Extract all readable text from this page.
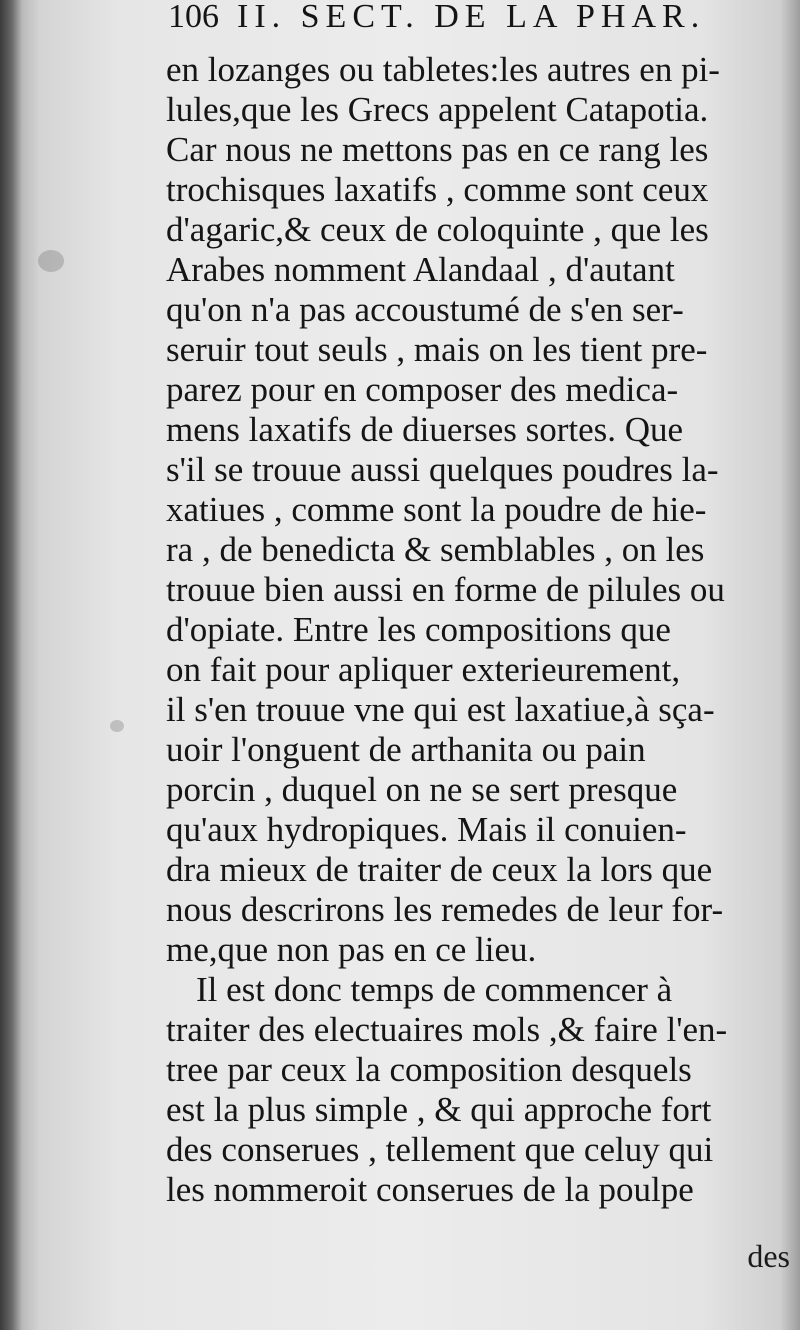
106 II. SECT. DE LA PHAR.
en lozanges ou tabletes:les autres en pi-
lules,que les Grecs appelent Catapotia.
Car nous ne mettons pas en ce rang les
trochisques laxatifs , comme sont ceux
d'agaric,& ceux de coloquinte , que les
Arabes nomment Alandaal , d'autant
qu'on n'a pas accoustumé de s'en ser-
seruir tout seuls , mais on les tient pre-
parez pour en composer des medica-
mens laxatifs de diuerses sortes. Que
s'il se trouue aussi quelques poudres la-
xatiues , comme sont la poudre de hie-
ra , de benedicta & semblables , on les
trouue bien aussi en forme de pilules ou
d'opiate. Entre les compositions que
on fait pour apliquer exterieurement,
il s'en trouue vne qui est laxatiue,à sça-
uoir l'onguent de arthanita ou pain
porcin , duquel on ne se sert presque
qu'aux hydropiques. Mais il conuien-
dra mieux de traiter de ceux la lors que
nous descrirons les remedes de leur for-
me,que non pas en ce lieu.
Il est donc temps de commencer à
traiter des electuaires mols ,& faire l'en-
tree par ceux la composition desquels
est la plus simple , & qui approche fort
des conserues , tellement que celuy qui
les nommeroit conserues de la poulpe
des
